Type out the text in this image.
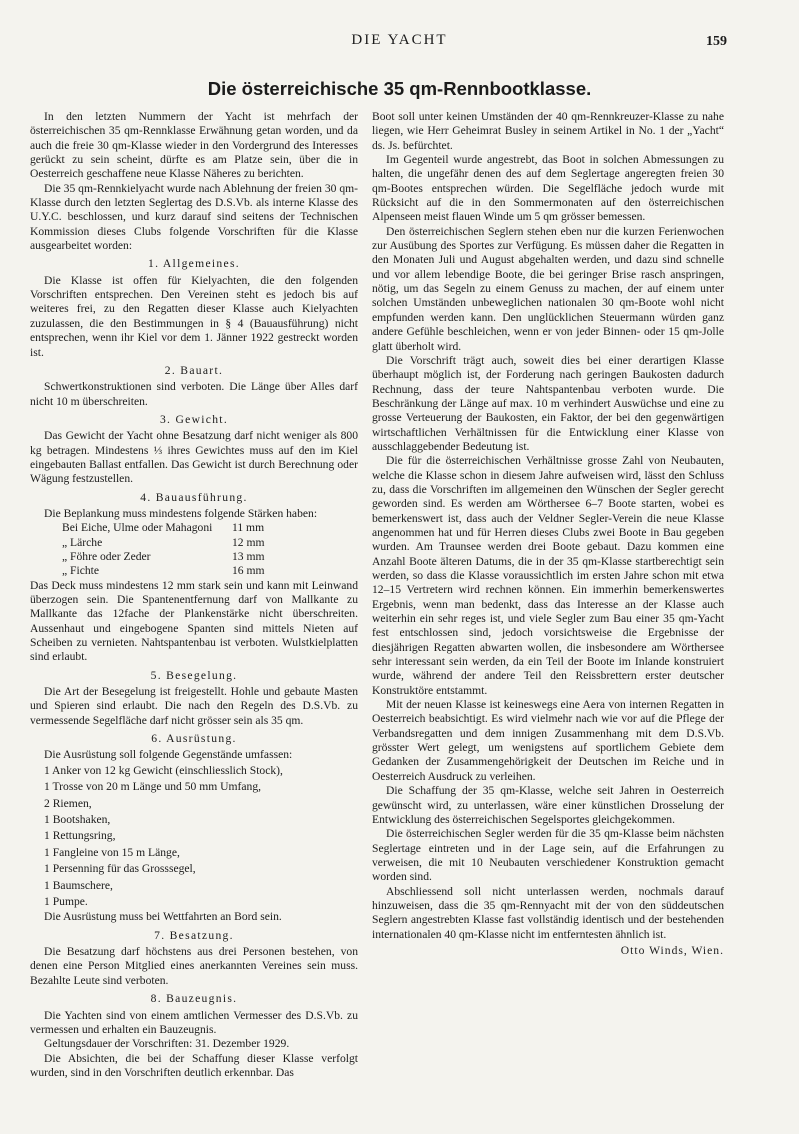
DIE YACHT	159
Die österreichische 35 qm-Rennbootklasse.

In den letzten Nummern der Yacht ist mehrfach der österreichischen 35 qm-Rennklasse Erwähnung getan worden, und da auch die freie 30 qm-Klasse wieder in den Vordergrund des Interesses gerückt zu sein scheint, dürfte es am Platze sein, über die in Oesterreich geschaffene neue Klasse Näheres zu berichten.

Die 35 qm-Rennkielyacht wurde nach Ablehnung der freien 30 qm-Klasse durch den letzten Seglertag des D.S.Vb. als interne Klasse des U.Y.C. beschlossen, und kurz darauf sind seitens der Technischen Kommission dieses Clubs folgende Vorschriften für die Klasse ausgearbeitet worden:

1. Allgemeines.

Die Klasse ist offen für Kielyachten, die den folgenden Vorschriften entsprechen. Den Vereinen steht es jedoch bis auf weiteres frei, zu den Regatten dieser Klasse auch Kielyachten zuzulassen, die den Bestimmungen in § 4 (Bauausführung) nicht entsprechen, wenn ihr Kiel vor dem 1. Jänner 1922 gestreckt worden ist.

2. Bauart.

Schwertkonstruktionen sind verboten. Die Länge über Alles darf nicht 10 m überschreiten.

3. Gewicht.

Das Gewicht der Yacht ohne Besatzung darf nicht weniger als 800 kg betragen. Mindestens ⅓ ihres Gewichtes muss auf den im Kiel eingebauten Ballast entfallen. Das Gewicht ist durch Berechnung oder Wägung festzustellen.

4. Bauausführung.

Die Beplankung muss mindestens folgende Stärken haben:

Bei Eiche, Ulme oder Mahagoni	11 mm
„ Lärche	12 mm
„ Föhre oder Zeder	13 mm
„ Fichte	16 mm

Das Deck muss mindestens 12 mm stark sein und kann mit Leinwand überzogen sein. Die Spantenentfernung darf von Mallkante zu Mallkante das 12fache der Plankenstärke nicht überschreiten. Aussenhaut und eingebogene Spanten sind mittels Nieten auf Scheiben zu vernieten. Nahtspantenbau ist verboten. Wulstkielplatten sind erlaubt.

5. Besegelung.

Die Art der Besegelung ist freigestellt. Hohle und gebaute Masten und Spieren sind erlaubt. Die nach den Regeln des D.S.Vb. zu vermessende Segelfläche darf nicht grösser sein als 35 qm.

6. Ausrüstung.

Die Ausrüstung soll folgende Gegenstände umfassen:

1 Anker von 12 kg Gewicht (einschliesslich Stock),
1 Trosse von 20 m Länge und 50 mm Umfang,
2 Riemen,
1 Bootshaken,
1 Rettungsring,
1 Fangleine von 15 m Länge,
1 Persenning für das Grosssegel,
1 Baumschere,
1 Pumpe.

Die Ausrüstung muss bei Wettfahrten an Bord sein.

7. Besatzung.

Die Besatzung darf höchstens aus drei Personen bestehen, von denen eine Person Mitglied eines anerkannten Vereines sein muss. Bezahlte Leute sind verboten.

8. Bauzeugnis.

Die Yachten sind von einem amtlichen Vermesser des D.S.Vb. zu vermessen und erhalten ein Bauzeugnis.

Geltungsdauer der Vorschriften: 31. Dezember 1929.

Die Absichten, die bei der Schaffung dieser Klasse verfolgt wurden, sind in den Vorschriften deutlich erkennbar. Das

Boot soll unter keinen Umständen der 40 qm-Rennkreuzer-Klasse zu nahe liegen, wie Herr Geheimrat Busley in seinem Artikel in No. 1 der „Yacht“ ds. Js. befürchtet.

Im Gegenteil wurde angestrebt, das Boot in solchen Abmessungen zu halten, die ungefähr denen des auf dem Seglertage angeregten freien 30 qm-Bootes entsprechen würden. Die Segelfläche jedoch wurde mit Rücksicht auf die in den Sommermonaten auf den österreichischen Alpenseen meist flauen Winde um 5 qm grösser bemessen.

Den österreichischen Seglern stehen eben nur die kurzen Ferienwochen zur Ausübung des Sportes zur Verfügung. Es müssen daher die Regatten in den Monaten Juli und August abgehalten werden, und dazu sind schnelle und vor allem lebendige Boote, die bei geringer Brise rasch anspringen, nötig, um das Segeln zu einem Genuss zu machen, der auf einem unter solchen Umständen unbeweglichen nationalen 30 qm-Boote wohl nicht empfunden werden kann. Den unglücklichen Steuermann würden ganz andere Gefühle beschleichen, wenn er von jeder Binnen- oder 15 qm-Jolle glatt überholt wird.

Die Vorschrift trägt auch, soweit dies bei einer derartigen Klasse überhaupt möglich ist, der Forderung nach geringen Baukosten dadurch Rechnung, dass der teure Nahtspantenbau verboten wurde. Die Beschränkung der Länge auf max. 10 m verhindert Auswüchse und eine zu grosse Verteuerung der Baukosten, ein Faktor, der bei den gegenwärtigen wirtschaftlichen Verhältnissen für die Entwicklung einer Klasse von ausschlaggebender Bedeutung ist.

Die für die österreichischen Verhältnisse grosse Zahl von Neubauten, welche die Klasse schon in diesem Jahre aufweisen wird, lässt den Schluss zu, dass die Vorschriften im allgemeinen den Wünschen der Segler gerecht geworden sind. Es werden am Wörthersee 6–7 Boote starten, wobei es bemerkenswert ist, dass auch der Veldner Segler-Verein die neue Klasse angenommen hat und für Herren dieses Clubs zwei Boote in Bau gegeben wurden. Am Traunsee werden drei Boote gebaut. Dazu kommen eine Anzahl Boote älteren Datums, die in der 35 qm-Klasse startberechtigt sein werden, so dass die Klasse voraussichtlich im ersten Jahre schon mit etwa 12–15 Vertretern wird rechnen können. Ein immerhin bemerkenswertes Ergebnis, wenn man bedenkt, dass das Interesse an der Klasse auch weiterhin ein sehr reges ist, und viele Segler zum Bau einer 35 qm-Yacht fest entschlossen sind, jedoch vorsichtsweise die Ergebnisse der diesjährigen Regatten abwarten wollen, die insbesondere am Wörthersee sehr interessant sein werden, da ein Teil der Boote im Inlande konstruiert wurde, während der andere Teil den Reissbrettern erster deutscher Konstruktöre entstammt.

Mit der neuen Klasse ist keineswegs eine Aera von internen Regatten in Oesterreich beabsichtigt. Es wird vielmehr nach wie vor auf die Pflege der Verbandsregatten und dem innigen Zusammenhang mit dem D.S.Vb. grösster Wert gelegt, um wenigstens auf sportlichem Gebiete dem Gedanken der Zusammengehörigkeit der Deutschen im Reiche und in Oesterreich Ausdruck zu verleihen.

Die Schaffung der 35 qm-Klasse, welche seit Jahren in Oesterreich gewünscht wird, zu unterlassen, wäre einer künstlichen Drosselung der Entwicklung des österreichischen Segelsportes gleichgekommen.

Die österreichischen Segler werden für die 35 qm-Klasse beim nächsten Seglertage eintreten und in der Lage sein, auf die Erfahrungen zu verweisen, die mit 10 Neubauten verschiedener Konstruktion gemacht worden sind.

Abschliessend soll nicht unterlassen werden, nochmals darauf hinzuweisen, dass die 35 qm-Rennyacht mit der von den süddeutschen Seglern angestrebten Klasse fast vollständig identisch und der bestehenden internationalen 40 qm-Klasse nicht im entferntesten ähnlich ist.

Otto Winds, Wien.
